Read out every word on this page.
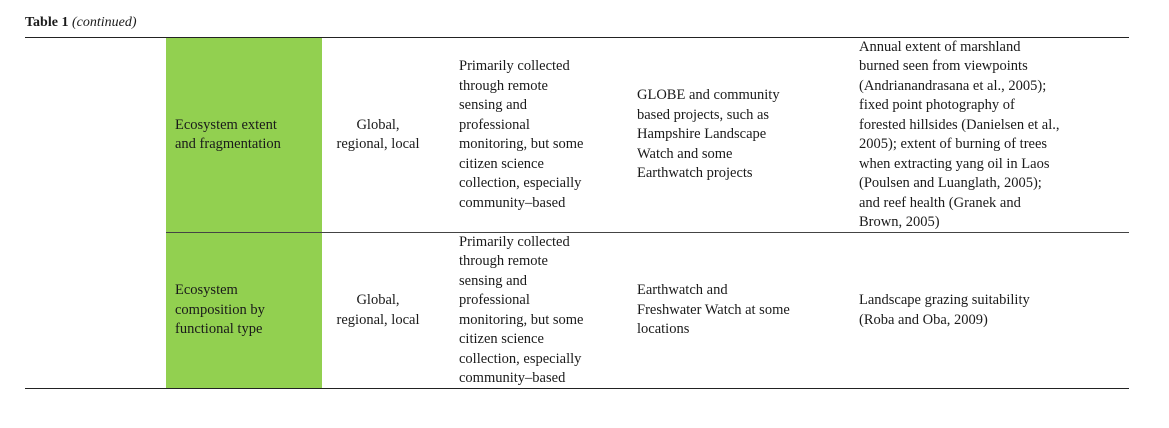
Table 1 (continued)
Ecosystem extent
and fragmentation
Global,
regional, local
Primarily collected
through remote
sensing and
professional
monitoring, but some
citizen science
collection, especially
community–based
GLOBE and community
based projects, such as
Hampshire Landscape
Watch and some
Earthwatch projects
Annual extent of marshland
burned seen from viewpoints
(Andrianandrasana et al., 2005);
fixed point photography of
forested hillsides (Danielsen et al.,
2005); extent of burning of trees
when extracting yang oil in Laos
(Poulsen and Luanglath, 2005);
and reef health (Granek and
Brown, 2005)
Ecosystem
composition by
functional type
Global,
regional, local
Primarily collected
through remote
sensing and
professional
monitoring, but some
citizen science
collection, especially
community–based
Earthwatch and
Freshwater Watch at some
locations
Landscape grazing suitability
(Roba and Oba, 2009)
